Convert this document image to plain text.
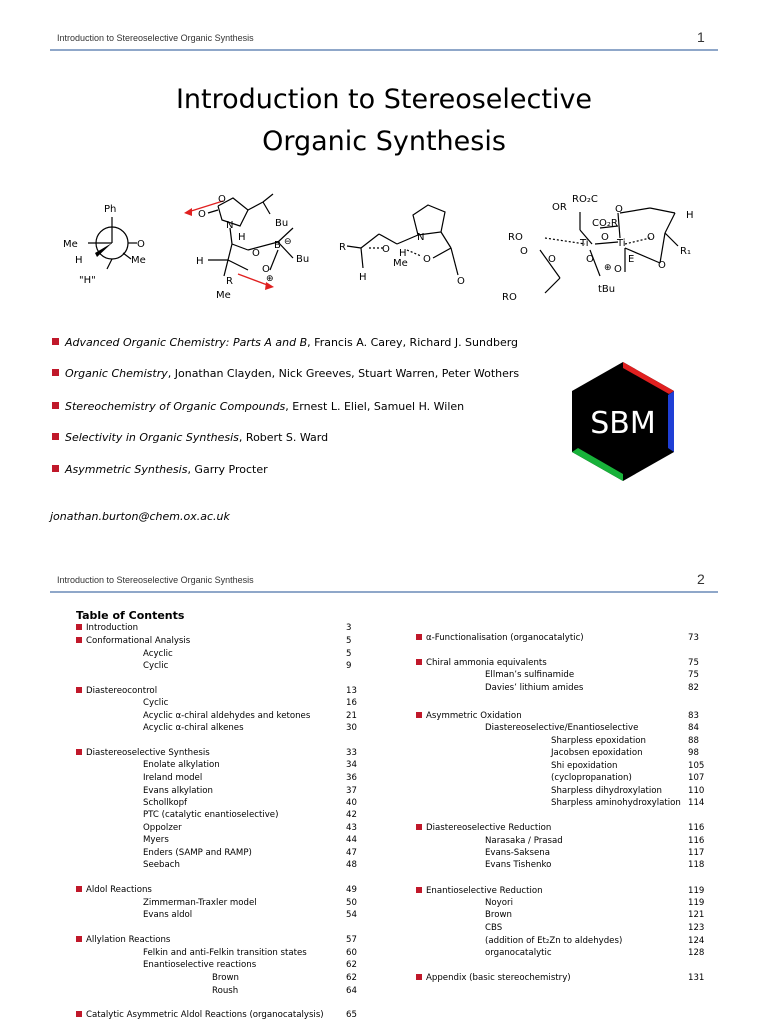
Introduction to Stereoselective Organic Synthesis	1
Introduction to Stereoselective
Organic Synthesis
Ph
Me	O
H	Me
"H"
O
O
N
H
Bu
B ⊖
Bu
O
O
H
R	⊕
Me
R	O
H
N
Me O
H
O
RO₂C
OR
CO₂R
O
H
RO
Ti
O
Ti
O
R₁
O
O	O	E
⊕ O	O
tBu
RO
Advanced Organic Chemistry: Parts A and B, Francis A. Carey, Richard J. Sundberg
Organic Chemistry, Jonathan Clayden, Nick Greeves, Stuart Warren, Peter Wothers
Stereochemistry of Organic Compounds, Ernest L. Eliel, Samuel H. Wilen
Selectivity in Organic Synthesis, Robert S. Ward
Asymmetric Synthesis, Garry Procter
SBM
jonathan.burton@chem.ox.ac.uk
Introduction to Stereoselective Organic Synthesis	2
Table of Contents
Introduction	3
Conformational Analysis	5
Acyclic	5
Cyclic	9
Diastereocontrol	13
Cyclic	16
Acyclic α-chiral aldehydes and ketones	21
Acyclic α-chiral alkenes	30
Diastereoselective Synthesis	33
Enolate alkylation	34
Ireland model	36
Evans alkylation	37
Schollkopf	40
PTC (catalytic enantioselective)	42
Oppolzer	43
Myers	44
Enders (SAMP and RAMP)	47
Seebach	48
Aldol Reactions	49
Zimmerman-Traxler model	50
Evans aldol	54
Allylation Reactions	57
Felkin and anti-Felkin transition states	60
Enantioselective reactions	62
Brown	62
Roush	64
Catalytic Asymmetric Aldol Reactions (organocatalysis)	65
α-Functionalisation (organocatalytic)	73
Chiral ammonia equivalents	75
Ellman’s sulfinamide	75
Davies’ lithium amides	82
Asymmetric Oxidation	83
Diastereoselective/Enantioselective	84
Sharpless epoxidation	88
Jacobsen epoxidation	98
Shi epoxidation	105
(cyclopropanation)	107
Sharpless dihydroxylation	110
Sharpless aminohydroxylation 114
Diastereoselective Reduction	116
Narasaka / Prasad	116
Evans-Saksena	117
Evans Tishenko	118
Enantioselective Reduction	119
Noyori	119
Brown	121
CBS	123
(addition of Et₂Zn to aldehydes)	124
organocatalytic	128
Appendix (basic stereochemistry)	131
